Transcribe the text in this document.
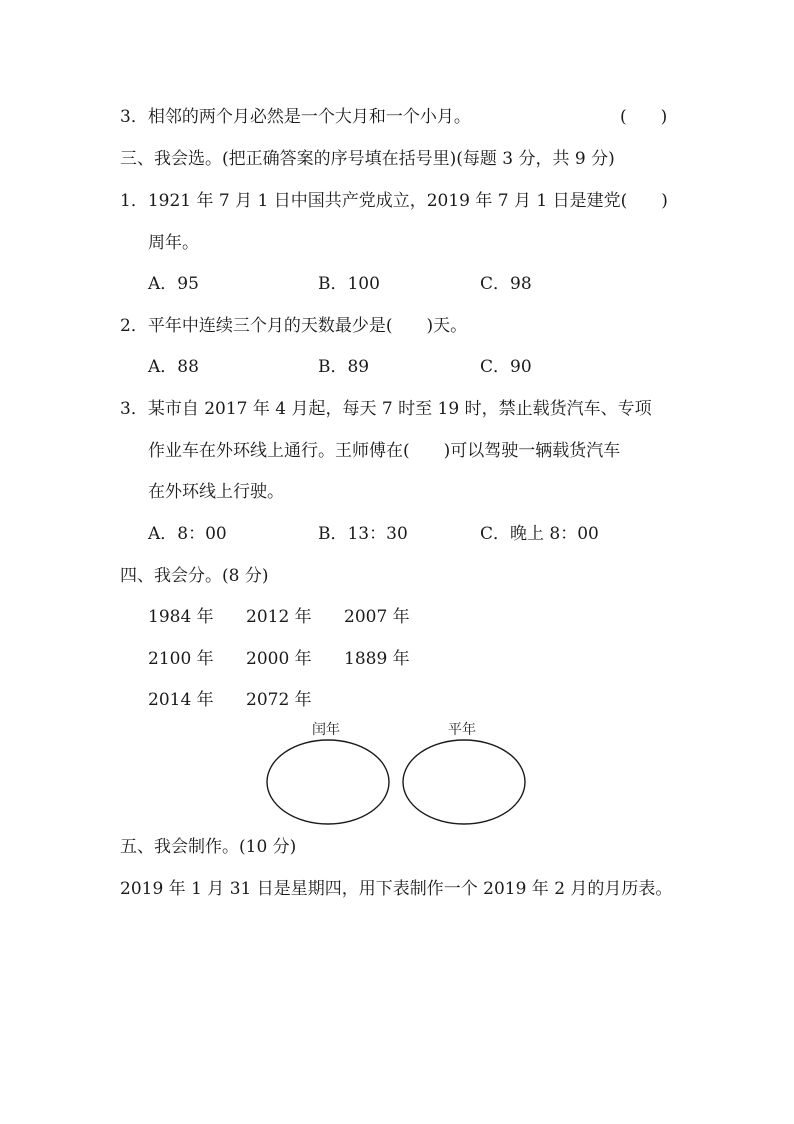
3．相邻的两个月必然是一个大月和一个小月。	(　　)
三、我会选。(把正确答案的序号填在括号里)(每题 3 分，共 9 分)
1．1921 年 7 月 1 日中国共产党成立，2019 年 7 月 1 日是建党(　　)
周年。
A．95	B．100	C．98
2．平年中连续三个月的天数最少是(　　)天。
A．88	B．89	C．90
3．某市自 2017 年 4 月起，每天 7 时至 19 时，禁止载货汽车、专项
作业车在外环线上通行。王师傅在(　　)可以驾驶一辆载货汽车
在外环线上行驶。
A．8：00	B．13：30	C．晚上 8：00
四、我会分。(8 分)
1984 年 2012 年 2007 年
2100 年 2000 年 1889 年
2014 年 2072 年
闰年	平年
五、我会制作。(10 分)
2019 年 1 月 31 日是星期四，用下表制作一个 2019 年 2 月的月历表。
